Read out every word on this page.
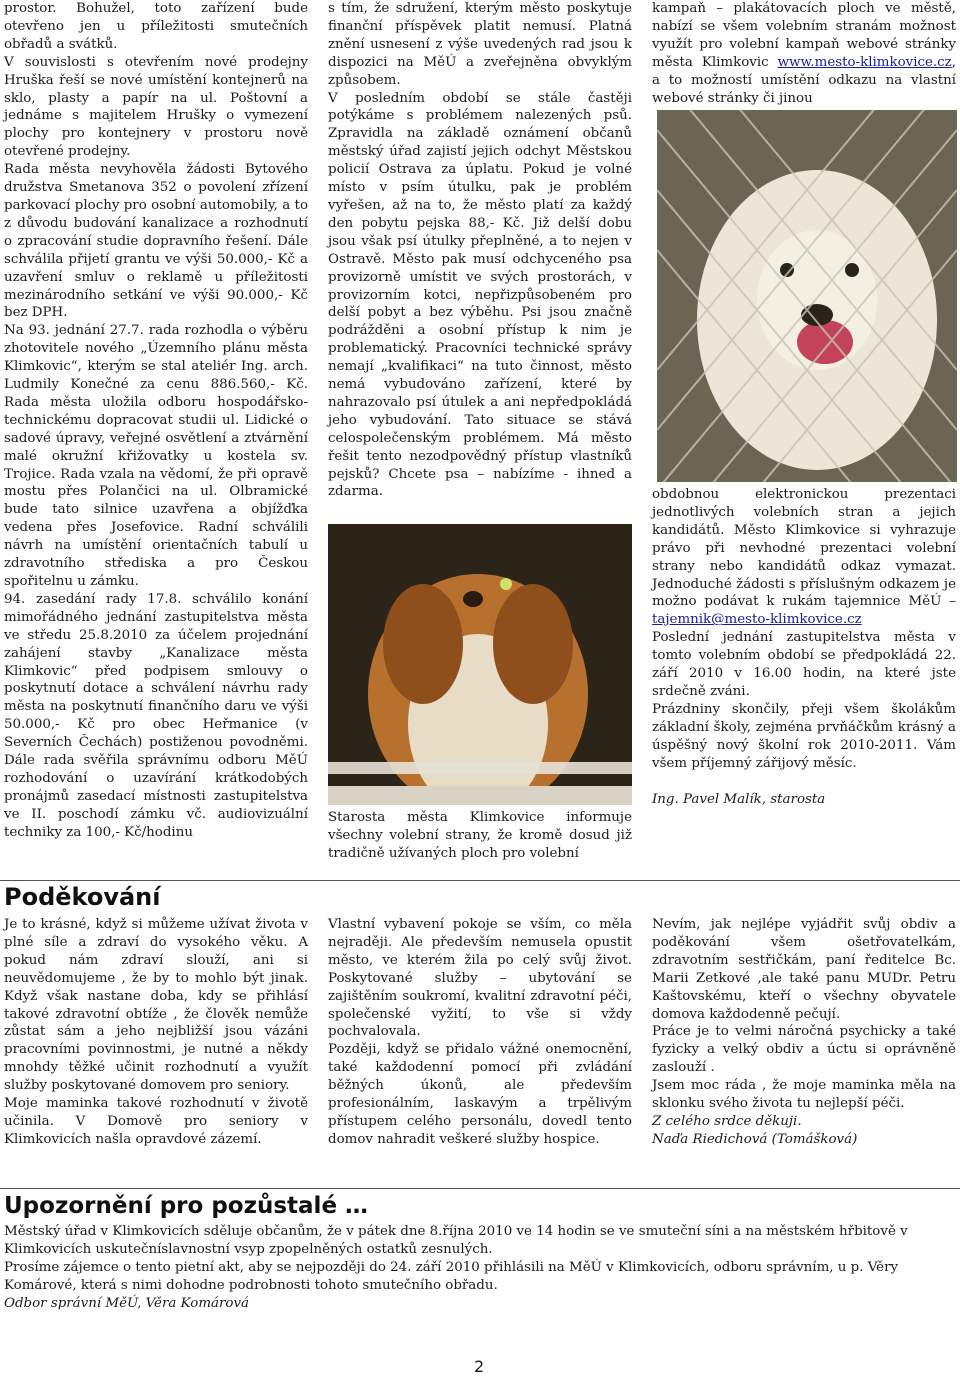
prostor. Bohužel, toto zařízení bude otevřeno jen u příležitosti smutečních obřadů a svátků.

V souvislosti s otevřením nové prodejny Hruška řeší se nové umístění kontejnerů na sklo, plasty a papír na ul. Poštovní a jednáme s majitelem Hrušky o vymezení plochy pro kontejnery v prostoru nově otevřené prodejny.

Rada města nevyhověla žádosti Bytového družstva Smetanova 352 o povolení zřízení parkovací plochy pro osobní automobily, a to z důvodu budování kanalizace a rozhodnutí o zpracování studie dopravního řešení. Dále schválila přijetí grantu ve výši 50.000,- Kč a uzavření smluv o reklamě u příležitosti mezinárodního setkání ve výši 90.000,- Kč bez DPH.

Na 93. jednání 27.7. rada rozhodla o výběru zhotovitele nového „Územního plánu města Klimkovic“, kterým se stal ateliér Ing. arch. Ludmily Konečné za cenu 886.560,- Kč. Rada města uložila odboru hospodářsko-technickému dopracovat studii ul. Lidické o sadové úpravy, veřejné osvětlení a ztvárnění malé okružní křižovatky u kostela sv. Trojice. Rada vzala na vědomí, že při opravě mostu přes Polančici na ul. Olbramické bude tato silnice uzavřena a objížďka vedena přes Josefovice. Radní schválili návrh na umístění orientačních tabulí u zdravotního střediska a pro Českou spořitelnu u zámku.

94. zasedání rady 17.8. schválilo konání mimořádného jednání zastupitelstva města ve středu 25.8.2010 za účelem projednání zahájení stavby „Kanalizace města Klimkovic“ před podpisem smlouvy o poskytnutí dotace a schválení návrhu rady města na poskytnutí finančního daru ve výši 50.000,- Kč pro obec Heřmanice (v Severních Čechách) postiženou povodněmi. Dále rada svěřila správnímu odboru MěÚ rozhodování o uzavírání krátkodobých pronájmů zasedací místnosti zastupitelstva ve II. poschodí zámku vč. audiovizuální techniky za 100,- Kč/hodinu

s tím, že sdružení, kterým město poskytuje finanční příspěvek platit nemusí. Platná znění usnesení z výše uvedených rad jsou k dispozici na MěÚ a zveřejněna obvyklým způsobem.

V posledním období se stále častěji potýkáme s problémem nalezených psů. Zpravidla na základě oznámení občanů městský úřad zajistí jejich odchyt Městskou policií Ostrava za úplatu. Pokud je volné místo v psím útulku, pak je problém vyřešen, až na to, že město platí za každý den pobytu pejska 88,- Kč. Již delší dobu jsou však psí útulky přeplněné, a to nejen v Ostravě. Město pak musí odchyceného psa provizorně umístit ve svých prostorách, v provizorním kotci, nepřizpůsobeném pro delší pobyt a bez výběhu. Psi jsou značně podrážděni a osobní přístup k nim je problematický. Pracovníci technické správy nemají „kvalifikaci“ na tuto činnost, město nemá vybudováno zařízení, které by nahrazovalo psí útulek a ani nepředpokládá jeho vybudování. Tato situace se stává celospolečenským problémem. Má město řešit tento nezodpovědný přístup vlastníků pejsků? Chcete psa – nabízíme - ihned a zdarma.

Starosta města Klimkovice informuje všechny volební strany, že kromě dosud již tradičně užívaných ploch pro volební

kampaň – plakátovacích ploch ve městě, nabízí se všem volebním stranám možnost využít pro volební kampaň webové stránky města Klimkovic www.mesto-klimkovice.cz, a to možností umístění odkazu na vlastní webové stránky či jinou

obdobnou elektronickou prezentaci jednotlivých volebních stran a jejich kandidátů. Město Klimkovice si vyhrazuje právo při nevhodné prezentaci volební strany nebo kandidátů odkaz vymazat. Jednoduché žádosti s příslušným odkazem je možno podávat k rukám tajemnice MěÚ – tajemnik@mesto-klimkovice.cz

Poslední jednání zastupitelstva města v tomto volebním období se předpokládá 22. září 2010 v 16.00 hodin, na které jste srdečně zváni.

Prázdniny skončily, přeji všem školákům základní školy, zejména prvňáčkům krásný a úspěšný nový školní rok 2010-2011. Vám všem příjemný zářijový měsíc.

Ing. Pavel Malík, starosta

Poděkování

Je to krásné, když si můžeme užívat života v plné síle a zdraví do vysokého věku. A pokud nám zdraví slouží, ani si neuvědomujeme , že by to mohlo být jinak. Když však nastane doba, kdy se přihlásí takové zdravotní obtíže , že člověk nemůže zůstat sám a jeho nejbližší jsou vázáni pracovními povinnostmi, je nutné a někdy mnohdy těžké učinit rozhodnutí a využít služby poskytované domovem pro seniory.

Moje maminka takové rozhodnutí v životě učinila. V Domově pro seniory v Klimkovicích našla opravdové zázemí.

Vlastní vybavení pokoje se vším, co měla nejraději. Ale především nemusela opustit město, ve kterém žila po celý svůj život. Poskytované služby – ubytování se zajištěním soukromí, kvalitní zdravotní péči, společenské vyžití, to vše si vždy pochvalovala.

Později, když se přidalo vážné onemocnění, také každodenní pomocí při zvládání běžných úkonů, ale především profesionálním, laskavým a trpělivým přístupem celého personálu, dovedl tento domov nahradit veškeré služby hospice.

Nevím, jak nejlépe vyjádřit svůj obdiv a poděkování všem ošetřovatelkám, zdravotním sestřičkám, paní ředitelce Bc. Marii Zetkové ,ale také panu MUDr. Petru Kaštovskému, kteří o všechny obyvatele domova každodenně pečují.

Práce je to velmi náročná psychicky a také fyzicky a velký obdiv a úctu si oprávněně zaslouží .

Jsem moc ráda , že moje maminka měla na sklonku svého života tu nejlepší péči.

Z celého srdce děkuji.

Naďa Riedichová (Tomášková)

Upozornění pro pozůstalé …

Městský úřad v Klimkovicích sděluje občanům, že v pátek dne 8.října 2010 ve 14 hodin se ve smuteční síni a na městském hřbitově v Klimkovicích uskutečníslavnostní vsyp zpopelněných ostatků zesnulých.

Prosíme zájemce o tento pietní akt, aby se nejpozději do 24. září 2010 přihlásili na MěÚ v Klimkovicích, odboru správním, u p. Věry Komárové, která s nimi dohodne podrobnosti tohoto smutečního obřadu.

Odbor správní MěÚ, Věra Komárová

2
